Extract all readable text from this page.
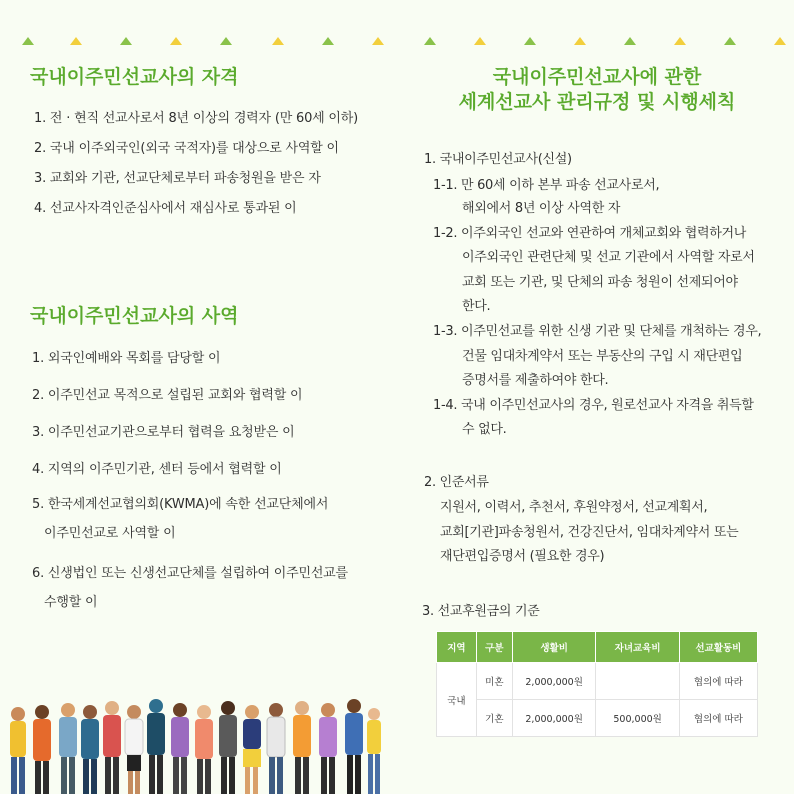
국내이주민선교사의 자격
1. 전 · 현직 선교사로서 8년 이상의 경력자 (만 60세 이하)
2. 국내 이주외국인(외국 국적자)를 대상으로 사역할 이
3. 교회와 기관, 선교단체로부터 파송청원을 받은 자
4. 선교사자격인준심사에서 재심사로 통과된 이
국내이주민선교사의 사역
1. 외국인예배와 목회를 담당할 이
2. 이주민선교 목적으로 설립된 교회와 협력할 이
3. 이주민선교기관으로부터 협력을 요청받은 이
4. 지역의 이주민기관, 센터 등에서 협력할 이
5. 한국세계선교협의회(KWMA)에 속한 선교단체에서
이주민선교로 사역할 이
6. 신생법인 또는 신생선교단체를 설립하여 이주민선교를
수행할 이
국내이주민선교사에 관한
세계선교사 관리규정 및 시행세칙
1. 국내이주민선교사(신설)
1-1. 만 60세 이하 본부 파송 선교사로서,
해외에서 8년 이상 사역한 자
1-2. 이주외국인 선교와 연관하여 개체교회와 협력하거나
이주외국인 관련단체 및 선교 기관에서 사역할 자로서
교회 또는 기관, 및 단체의 파송 청원이 선제되어야
한다.
1-3. 이주민선교를 위한 신생 기관 및 단체를 개척하는 경우,
건물 임대차계약서 또는 부동산의 구입 시 재단편입
증명서를 제출하여야 한다.
1-4. 국내 이주민선교사의 경우, 원로선교사 자격을 취득할
수 없다.
2. 인준서류
지원서, 이력서, 추천서, 후원약정서, 선교계획서,
교회[기관]파송청원서, 건강진단서, 임대차계약서 또는
재단편입증명서 (필요한 경우)
3. 선교후원금의 기준
지역	구분	생활비	자녀교육비	선교활동비
국내	미혼	2,000,000원		협의에 따라
	기혼	2,000,000원	500,000원	협의에 따라
